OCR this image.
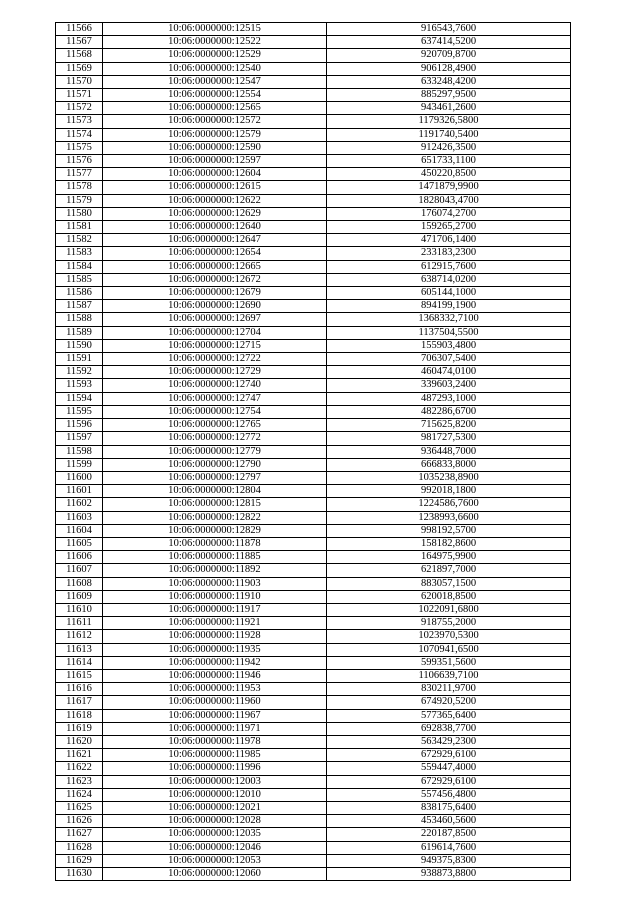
11566	10:06:0000000:12515	916543,7600
11567	10:06:0000000:12522	637414,5200
11568	10:06:0000000:12529	920709,8700
11569	10:06:0000000:12540	906128,4900
11570	10:06:0000000:12547	633248,4200
11571	10:06:0000000:12554	885297,9500
11572	10:06:0000000:12565	943461,2600
11573	10:06:0000000:12572	1179326,5800
11574	10:06:0000000:12579	1191740,5400
11575	10:06:0000000:12590	912426,3500
11576	10:06:0000000:12597	651733,1100
11577	10:06:0000000:12604	450220,8500
11578	10:06:0000000:12615	1471879,9900
11579	10:06:0000000:12622	1828043,4700
11580	10:06:0000000:12629	176074,2700
11581	10:06:0000000:12640	159265,2700
11582	10:06:0000000:12647	471706,1400
11583	10:06:0000000:12654	233183,2300
11584	10:06:0000000:12665	612915,7600
11585	10:06:0000000:12672	638714,0200
11586	10:06:0000000:12679	605144,1000
11587	10:06:0000000:12690	894199,1900
11588	10:06:0000000:12697	1368332,7100
11589	10:06:0000000:12704	1137504,5500
11590	10:06:0000000:12715	155903,4800
11591	10:06:0000000:12722	706307,5400
11592	10:06:0000000:12729	460474,0100
11593	10:06:0000000:12740	339603,2400
11594	10:06:0000000:12747	487293,1000
11595	10:06:0000000:12754	482286,6700
11596	10:06:0000000:12765	715625,8200
11597	10:06:0000000:12772	981727,5300
11598	10:06:0000000:12779	936448,7000
11599	10:06:0000000:12790	666833,8000
11600	10:06:0000000:12797	1035238,8900
11601	10:06:0000000:12804	992018,1800
11602	10:06:0000000:12815	1224586,7600
11603	10:06:0000000:12822	1238993,6600
11604	10:06:0000000:12829	998192,5700
11605	10:06:0000000:11878	158182,8600
11606	10:06:0000000:11885	164975,9900
11607	10:06:0000000:11892	621897,7000
11608	10:06:0000000:11903	883057,1500
11609	10:06:0000000:11910	620018,8500
11610	10:06:0000000:11917	1022091,6800
11611	10:06:0000000:11921	918755,2000
11612	10:06:0000000:11928	1023970,5300
11613	10:06:0000000:11935	1070941,6500
11614	10:06:0000000:11942	599351,5600
11615	10:06:0000000:11946	1106639,7100
11616	10:06:0000000:11953	830211,9700
11617	10:06:0000000:11960	674920,5200
11618	10:06:0000000:11967	577365,6400
11619	10:06:0000000:11971	692838,7700
11620	10:06:0000000:11978	563429,2300
11621	10:06:0000000:11985	672929,6100
11622	10:06:0000000:11996	559447,4000
11623	10:06:0000000:12003	672929,6100
11624	10:06:0000000:12010	557456,4800
11625	10:06:0000000:12021	838175,6400
11626	10:06:0000000:12028	453460,5600
11627	10:06:0000000:12035	220187,8500
11628	10:06:0000000:12046	619614,7600
11629	10:06:0000000:12053	949375,8300
11630	10:06:0000000:12060	938873,8800
